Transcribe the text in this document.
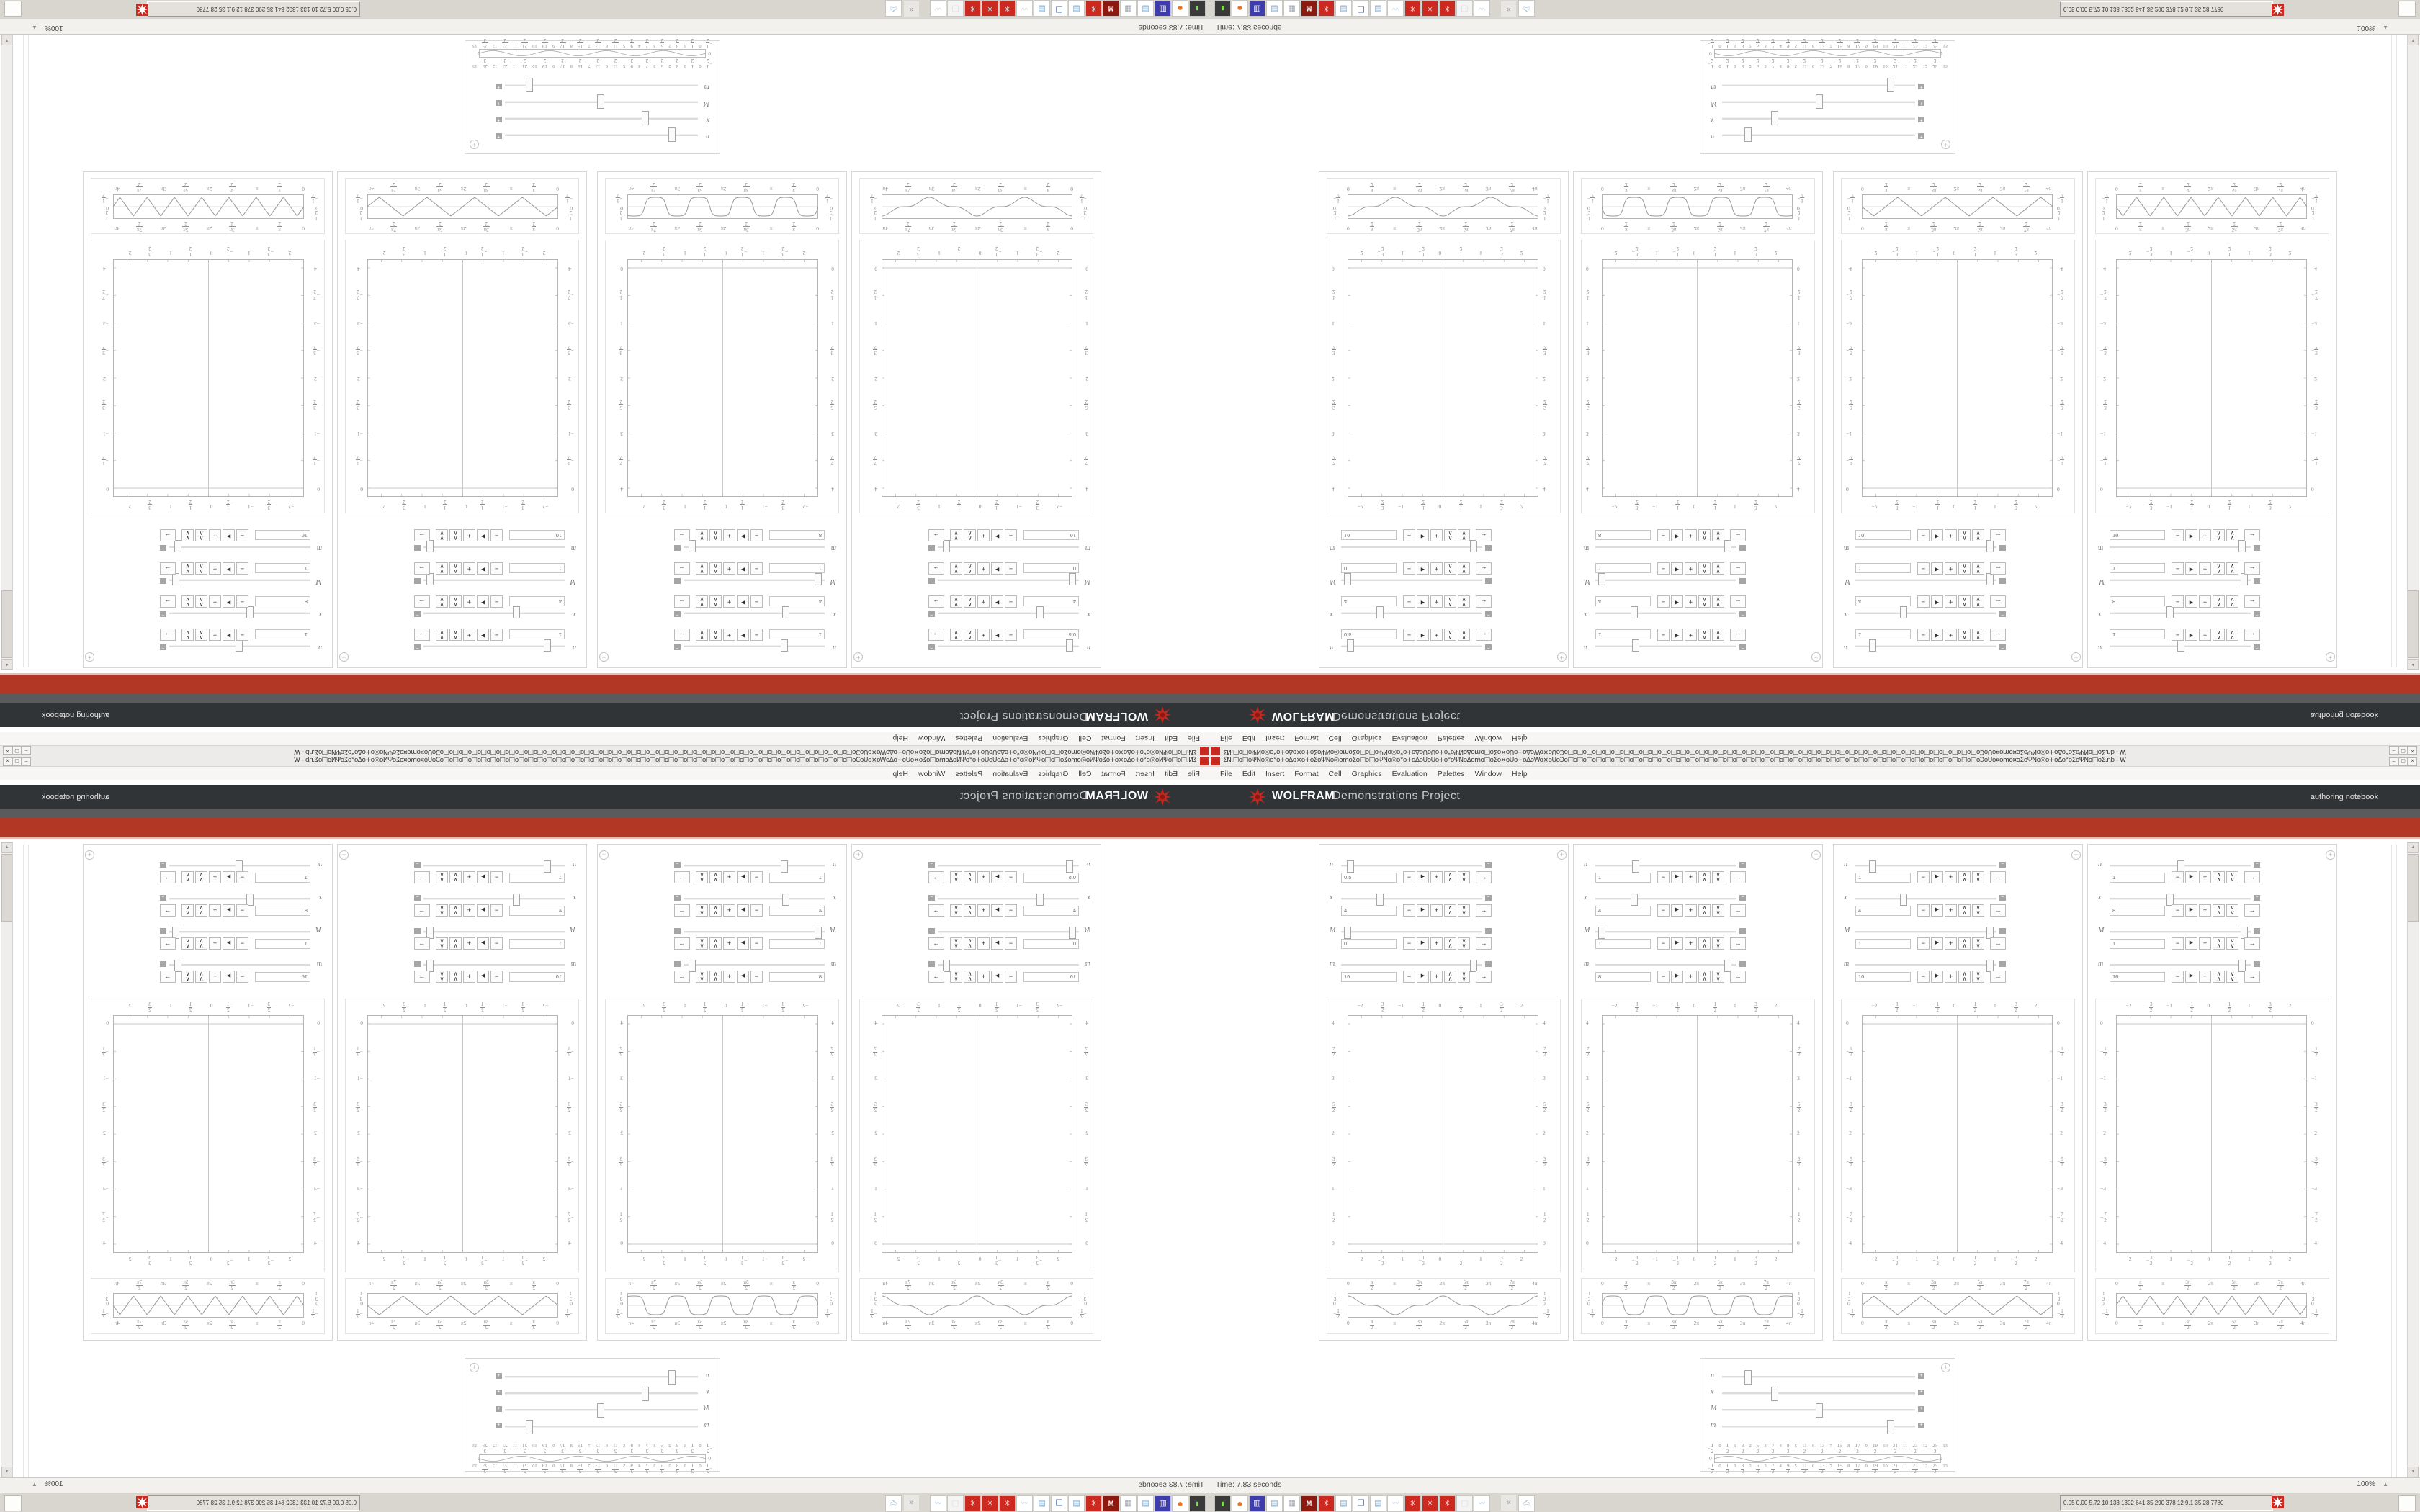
ΣN.□o□oΨNo◎o°o+oΔo×o+oΣoΨNo◎omoΣo□o□oΨNo◎o°o+oΔoUoUo+o°oΨNoΔomo□oΣo×oUo+oΔoWo×oUoϽo□o□o□o□o□o□o□o□o□o□o□o□o□o□o□o□o□o□o□o□o□o□o□o□o□o□o□o□o□o□o□o□o□o□o□o□o□o□o□o□o□o□o□o□oϽoUo¤omo¤oΣoΨNo◎o+oΔo°oΣoΨNo□oΣ.nb - W
–
▢
✕
FileEditInsertFormatCellGraphicsEvaluationPalettesWindowHelp
WOLFRAM
Demonstrations Project
authoring notebook
+
n
−
0.5
−
▶
+
∧
∧
∨
∨
→
x
−
4
−
▶
+
∧
∧
∨
∨
→
M
−
0
−
▶
+
∧
∧
∨
∨
→
m
−
16
−
▶
+
∧
∧
∨
∨
→
−2
−2
−
3
2
−
3
2
−1
−1
−
1
2
−
1
2
0
0
1
2
1
2
1
1
3
2
3
2
2
2
4
4
7
2
7
2
3
3
5
2
5
2
2
2
3
2
3
2
1
1
1
2
1
2
0
0
0
0
π
2
π
2
π
π
3π
2
3π
2
2π
2π
5π
2
5π
2
3π
3π
7π
2
7π
2
4π
4π
1
2
1
2
0
0
−
1
2
−
1
2
+
n
−
1
−
▶
+
∧
∧
∨
∨
→
x
−
4
−
▶
+
∧
∧
∨
∨
→
M
−
1
−
▶
+
∧
∧
∨
∨
→
m
−
8
−
▶
+
∧
∧
∨
∨
→
−2
−2
−
3
2
−
3
2
−1
−1
−
1
2
−
1
2
0
0
1
2
1
2
1
1
3
2
3
2
2
2
4
4
7
2
7
2
3
3
5
2
5
2
2
2
3
2
3
2
1
1
1
2
1
2
0
0
0
0
π
2
π
2
π
π
3π
2
3π
2
2π
2π
5π
2
5π
2
3π
3π
7π
2
7π
2
4π
4π
1
2
1
2
0
0
−
1
2
−
1
2
+
n
−
1
−
▶
+
∧
∧
∨
∨
→
x
−
4
−
▶
+
∧
∧
∨
∨
→
M
−
1
−
▶
+
∧
∧
∨
∨
→
m
−
10
−
▶
+
∧
∧
∨
∨
→
−2
−2
−
3
2
−
3
2
−1
−1
−
1
2
−
1
2
0
0
1
2
1
2
1
1
3
2
3
2
2
2
0
0
−
1
2
−
1
2
−1
−1
−
3
2
−
3
2
−2
−2
−
5
2
−
5
2
−3
−3
−
7
2
−
7
2
−4
−4
0
0
π
2
π
2
π
π
3π
2
3π
2
2π
2π
5π
2
5π
2
3π
3π
7π
2
7π
2
4π
4π
1
2
1
2
0
0
−
1
2
−
1
2
+
n
−
1
−
▶
+
∧
∧
∨
∨
→
x
−
8
−
▶
+
∧
∧
∨
∨
→
M
−
1
−
▶
+
∧
∧
∨
∨
→
m
−
16
−
▶
+
∧
∧
∨
∨
→
−2
−2
−
3
2
−
3
2
−1
−1
−
1
2
−
1
2
0
0
1
2
1
2
1
1
3
2
3
2
2
2
0
0
−
1
2
−
1
2
−1
−1
−
3
2
−
3
2
−2
−2
−
5
2
−
5
2
−3
−3
−
7
2
−
7
2
−4
−4
0
0
π
2
π
2
π
π
3π
2
3π
2
2π
2π
5π
2
5π
2
3π
3π
7π
2
7π
2
4π
4π
1
2
1
2
0
0
−
1
2
−
1
2
+
n
+
x
+
M
+
m
+
−
1
2
0
1
2
1
3
2
2
5
2
3
7
2
4
9
2
5
11
2
6
13
2
7
15
2
8
17
2
9
19
2
10
21
2
11
23
2
12
25
2
13
−
1
2
0
1
2
1
3
2
2
5
2
3
7
2
4
9
2
5
11
2
6
13
2
7
15
2
8
17
2
9
19
2
10
21
2
11
23
2
12
25
2
13
0
0
▲
▼
Time: 7.83 seconds
100%
▲
▮
●
▥
▤
▦
M
✳
▤
❐
▤
〰
✳
✳
✳
▢
〰
«
⎙
0.05 0.00 5.72 10 133 1302 641 35 290 378 12 9.1 35 28 7780
ΣN.□o□oΨNo◎o°o+oΔo×o+oΣoΨNo◎omoΣo□o□oΨNo◎o°o+oΔoUoUo+o°oΨNoΔomo□oΣo×oUo+oΔoWo×oUoϽo□o□o□o□o□o□o□o□o□o□o□o□o□o□o□o□o□o□o□o□o□o□o□o□o□o□o□o□o□o□o□o□o□o□o□o□o□o□o□o□o□o□o□o□oϽoUo¤omo¤oΣoΨNo◎o+oΔo°oΣoΨNo□oΣ.nb - W	–	▢ ✕
File Edit Insert Format Cell Graphics Evaluation Palettes Window Help
WOLFRAM
Demonstrations Project	authoring notebook
+
n	−
0.5	−	▶	+	∧
∧
∨
∨	→
x	−
4	−	▶	+	∧
∧
∨
∨	→
M	−
0	−	▶	+	∧
∧
∨
∨	→
m	−
16	−	▶	+	∧
∧
∨
∨	→
−2
−2
− 3
2
− 3
2
−1
−1
− 1
2
− 1
2
0
0
1
2
1
2
1
1
3
2
3
2
2
2
4	4
7
2
7
2
3	3
5
2
5
2
2	2
3
2
3
2
1	1
1
2
1
2
0	0
0
0
π
2
π
2
π
π
3π
2
3π
2
2π
2π
5π
2
5π
2
3π
3π
7π
2
7π
2
4π
4π
1
2
1
2
0	0
− 1
2	− 1
2
+
n	−
1	−	▶	+	∧
∧
∨
∨	→
x	−
4	−	▶	+	∧
∧
∨
∨	→
M	−
1	−	▶	+	∧
∧
∨
∨	→
m	−
8	−	▶	+	∧
∧
∨
∨	→
−2
−2
− 3
2
− 3
2
−1
−1
− 1
2
− 1
2
0
0
1
2
1
2
1
1
3
2
3
2
2
2
4	4
7
2
7
2
3	3
5
2
5
2
2	2
3
2
3
2
1	1
1
2
1
2
0	0
0
0
π
2
π
2
π
π
3π
2
3π
2
2π
2π
5π
2
5π
2
3π
3π
7π
2
7π
2
4π
4π
1
2
1
2
0	0
− 1
2	− 1
2
+
n	−
1	−	▶	+	∧
∧
∨
∨	→
x	−
4	−	▶	+	∧
∧
∨
∨	→
M	−
1	−	▶	+	∧
∧
∨
∨	→
m	−
10	−	▶	+	∧
∧
∨
∨	→
−2
−2
− 3
2
− 3
2
−1
−1
− 1
2
− 1
2
0
0
1
2
1
2
1
1
3
2
3
2
2
2
0	0
− 1
2	− 1
2
−1	−1
− 3
2	− 3
2
−2	−2
− 5
2	− 5
2
−3	−3
− 7
2	− 7
2
−4	−4
0
0
π
2
π
2
π
π
3π
2
3π
2
2π
2π
5π
2
5π
2
3π
3π
7π
2
7π
2
4π
4π
1
2
1
2
0	0
− 1
2	− 1
2
+
n	−
1	−	▶	+	∧
∧
∨
∨	→
x	−
8	−	▶	+	∧
∧
∨
∨	→
M	−
1	−	▶	+	∧
∧
∨
∨	→
m	−
16	−	▶	+	∧
∧
∨
∨	→
−2
−2
− 3
2
− 3
2
−1
−1
− 1
2
− 1
2
0
0
1
2
1
2
1
1
3
2
3
2
2
2
0	0
− 1
2	− 1
2
−1	−1
− 3
2	− 3
2
−2	−2
− 5
2	− 5
2
−3	−3
− 7
2	− 7
2
−4	−4
0
0
π
2
π
2
π
π
3π
2
3π
2
2π
2π
5π
2
5π
2
3π
3π
7π
2
7π
2
4π
4π
1
2
1
2
0	0
− 1
2	− 1
2
+
n	+
x	+
M	+
m	+
−
1
2
0 1
2
1 3
2
2 5
2
3 7
2
4 9
2
5 11
2
6 13
2
7 15
2
8 17
2
9 19
2
10 21
2
11 23
2
12 25
2
13
−
1
2
0 1
2
1 3
2
2 5
2
3 7
2
4 9
2
5 11
2
6 13
2
7 15
2
8 17
2
9 19
2
10 21
2
11 23
2
12 25
2
13
0	0
▲
▼
Time: 7.83 seconds	100% ▲
▮	●	▥	▤	▦	M	✳	▤	❐	▤	〰	✳	✳	✳	▢	〰	«	⎙	0.05 0.00 5.72 10 133 1302 641 35 290 378 12 9.1 35 28 7780
ΣN.□o□oΨNo◎o°o+oΔo×o+oΣoΨNo◎omoΣo□o□oΨNo◎o°o+oΔoUoUo+o°oΨNoΔomo□oΣo×oUo+oΔoWo×oUoϽo□o□o□o□o□o□o□o□o□o□o□o□o□o□o□o□o□o□o□o□o□o□o□o□o□o□o□o□o□o□o□o□o□o□o□o□o□o□o□o□o□o□o□o□oϽoUo¤omo¤oΣoΨNo◎o+oΔo°oΣoΨNo□oΣ.nb - W
–
▢
✕
FileEditInsertFormatCellGraphicsEvaluationPalettesWindowHelp
WOLFRAM
Demonstrations Project
authoring notebook
+
n
−
0.5
−
▶
+
∧
∧
∨
∨
→
x
−
4
−
▶
+
∧
∧
∨
∨
→
M
−
0
−
▶
+
∧
∧
∨
∨
→
m
−
16
−
▶
+
∧
∧
∨
∨
→
−2
−2
−
$\frac{3}{2}$
−
$\frac{3}{2}$
−1
−1
−
$\frac{1}{2}$
−
$\frac{1}{2}$
0
0
$\frac{1}{2}$
$\frac{1}{2}$
1
1
$\frac{3}{2}$
$\frac{3}{2}$
2
2
4
4
$\frac{7}{2}$
$\frac{7}{2}$
3
3
$\frac{5}{2}$
$\frac{5}{2}$
2
2
$\frac{3}{2}$
$\frac{3}{2}$
1
1
$\frac{1}{2}$
$\frac{1}{2}$
0
0
0
0
$\frac{\pi}{2}$
$\frac{\pi}{2}$
π
π
$\frac{3\pi}{2}$
$\frac{3\pi}{2}$
2π
2π
$\frac{5\pi}{2}$
$\frac{5\pi}{2}$
3π
3π
$\frac{7\pi}{2}$
$\frac{7\pi}{2}$
4π
4π
$\frac{1}{2}$
$\frac{1}{2}$
0
0
−
$\frac{1}{2}$
−
$\frac{1}{2}$
+
n
−
1
−
▶
+
∧
∧
∨
∨
→
x
−
4
−
▶
+
∧
∧
∨
∨
→
M
−
1
−
▶
+
∧
∧
∨
∨
→
m
−
8
−
▶
+
∧
∧
∨
∨
→
−2
−2
−
$\frac{3}{2}$
−
$\frac{3}{2}$
−1
−1
−
$\frac{1}{2}$
−
$\frac{1}{2}$
0
0
$\frac{1}{2}$
$\frac{1}{2}$
1
1
$\frac{3}{2}$
$\frac{3}{2}$
2
2
4
4
$\frac{7}{2}$
$\frac{7}{2}$
3
3
$\frac{5}{2}$
$\frac{5}{2}$
2
2
$\frac{3}{2}$
$\frac{3}{2}$
1
1
$\frac{1}{2}$
$\frac{1}{2}$
0
0
0
0
$\frac{\pi}{2}$
$\frac{\pi}{2}$
π
π
$\frac{3\pi}{2}$
$\frac{3\pi}{2}$
2π
2π
$\frac{5\pi}{2}$
$\frac{5\pi}{2}$
3π
3π
$\frac{7\pi}{2}$
$\frac{7\pi}{2}$
4π
4π
$\frac{1}{2}$
$\frac{1}{2}$
0
0
−
$\frac{1}{2}$
−
$\frac{1}{2}$
+
n
−
1
−
▶
+
∧
∧
∨
∨
→
x
−
4
−
▶
+
∧
∧
∨
∨
→
M
−
1
−
▶
+
∧
∧
∨
∨
→
m
−
10
−
▶
+
∧
∧
∨
∨
→
−2
−2
−
$\frac{3}{2}$
−
$\frac{3}{2}$
−1
−1
−
$\frac{1}{2}$
−
$\frac{1}{2}$
0
0
$\frac{1}{2}$
$\frac{1}{2}$
1
1
$\frac{3}{2}$
$\frac{3}{2}$
2
2
0
0
−
$\frac{1}{2}$
−
$\frac{1}{2}$
−1
−1
−
$\frac{3}{2}$
−
$\frac{3}{2}$
−2
−2
−
$\frac{5}{2}$
−
$\frac{5}{2}$
−3
−3
−
$\frac{7}{2}$
−
$\frac{7}{2}$
−4
−4
0
0
$\frac{\pi}{2}$
$\frac{\pi}{2}$
π
π
$\frac{3\pi}{2}$
$\frac{3\pi}{2}$
2π
2π
$\frac{5\pi}{2}$
$\frac{5\pi}{2}$
3π
3π
$\frac{7\pi}{2}$
$\frac{7\pi}{2}$
4π
4π
$\frac{1}{2}$
$\frac{1}{2}$
0
0
−
$\frac{1}{2}$
−
$\frac{1}{2}$
+
n
−
1
−
▶
+
∧
∧
∨
∨
→
x
−
8
−
▶
+
∧
∧
∨
∨
→
M
−
1
−
▶
+
∧
∧
∨
∨
→
m
−
16
−
▶
+
∧
∧
∨
∨
→
−2
−2
−
$\frac{3}{2}$
−
$\frac{3}{2}$
−1
−1
−
$\frac{1}{2}$
−
$\frac{1}{2}$
0
0
$\frac{1}{2}$
$\frac{1}{2}$
1
1
$\frac{3}{2}$
$\frac{3}{2}$
2
2
0
0
−
$\frac{1}{2}$
−
$\frac{1}{2}$
−1
−1
−
$\frac{3}{2}$
−
$\frac{3}{2}$
−2
−2
−
$\frac{5}{2}$
−
$\frac{5}{2}$
−3
−3
−
$\frac{7}{2}$
−
$\frac{7}{2}$
−4
−4
0
0
$\frac{\pi}{2}$
$\frac{\pi}{2}$
π
π
$\frac{3\pi}{2}$
$\frac{3\pi}{2}$
2π
2π
$\frac{5\pi}{2}$
$\frac{5\pi}{2}$
3π
3π
$\frac{7\pi}{2}$
$\frac{7\pi}{2}$
4π
4π
$\frac{1}{2}$
$\frac{1}{2}$
0
0
−
$\frac{1}{2}$
−
$\frac{1}{2}$
+
n
+
x
+
M
+
m
+
−
$\frac{1}{2}$
0
$\frac{1}{2}$
1
$\frac{3}{2}$
2
$\frac{5}{2}$
3
$\frac{7}{2}$
4
$\frac{9}{2}$
5
$\frac{11}{2}$
6
$\frac{13}{2}$
7
$\frac{15}{2}$
8
$\frac{17}{2}$
9
$\frac{19}{2}$
10
$\frac{21}{2}$
11
$\frac{23}{2}$
12
$\frac{25}{2}$
13
−
$\frac{1}{2}$
0
$\frac{1}{2}$
1
$\frac{3}{2}$
2
$\frac{5}{2}$
3
$\frac{7}{2}$
4
$\frac{9}{2}$
5
$\frac{11}{2}$
6
$\frac{13}{2}$
7
$\frac{15}{2}$
8
$\frac{17}{2}$
9
$\frac{19}{2}$
10
$\frac{21}{2}$
11
$\frac{23}{2}$
12
$\frac{25}{2}$
13
0
0
▲
▼
Time: 7.83 seconds
100%
▲
▮
●
▥
▤
▦
M
✳
▤
❐
▤
〰
✳
✳
✳
▢
〰
«
⎙
0.05 0.00 5.72 10 133 1302 641 35 290 378 12 9.1 35 28 7780
ΣN.□o□oΨNo◎o°o+oΔo×o+oΣoΨNo◎omoΣo□o□oΨNo◎o°o+oΔoUoUo+o°oΨNoΔomo□oΣo×oUo+oΔoWo×oUoϽo□o□o□o□o□o□o□o□o□o□o□o□o□o□o□o□o□o□o□o□o□o□o□o□o□o□o□o□o□o□o□o□o□o□o□o□o□o□o□o□o□o□o□o□oϽoUo¤omo¤oΣoΨNo◎o+oΔo°oΣoΨNo□oΣ.nb - W	–	▢ ✕
File Edit Insert Format Cell Graphics Evaluation Palettes Window Help
WOLFRAM
Demonstrations Project	authoring notebook
+
n	−
0.5	−	▶	+	∧
∧
∨
∨	→
x	−
4	−	▶	+	∧
∧
∨
∨	→
M	−
0	−	▶	+	∧
∧
∨
∨	→
m	−
16	−	▶	+	∧
∧
∨
∨	→
−2
−2
− $\frac{3}{2}$
− $\frac{3}{2}$
−1
−1
− $\frac{1}{2}$
− $\frac{1}{2}$
0
0
$\frac{1}{2}$
$\frac{1}{2}$
1
1
$\frac{3}{2}$
$\frac{3}{2}$
2
2
4	4
$\frac{7}{2}$	$\frac{7}{2}$
3	3
$\frac{5}{2}$	$\frac{5}{2}$
2	2
$\frac{3}{2}$	$\frac{3}{2}$
1	1
$\frac{1}{2}$	$\frac{1}{2}$
0	0
0
0
$\frac{\pi}{2}$
$\frac{\pi}{2}$
π
π
$\frac{3\pi}{2}$
$\frac{3\pi}{2}$
2π
2π
$\frac{5\pi}{2}$
$\frac{5\pi}{2}$
3π
3π
$\frac{7\pi}{2}$
$\frac{7\pi}{2}$
4π
4π
$\frac{1}{2}$	$\frac{1}{2}$
0	0
− $\frac{1}{2}$	− $\frac{1}{2}$
+
n	−
1	−	▶	+	∧
∧
∨
∨	→
x	−
4	−	▶	+	∧
∧
∨
∨	→
M	−
1	−	▶	+	∧
∧
∨
∨	→
m	−
8	−	▶	+	∧
∧
∨
∨	→
−2
−2
− $\frac{3}{2}$
− $\frac{3}{2}$
−1
−1
− $\frac{1}{2}$
− $\frac{1}{2}$
0
0
$\frac{1}{2}$
$\frac{1}{2}$
1
1
$\frac{3}{2}$
$\frac{3}{2}$
2
2
4	4
$\frac{7}{2}$	$\frac{7}{2}$
3	3
$\frac{5}{2}$	$\frac{5}{2}$
2	2
$\frac{3}{2}$	$\frac{3}{2}$
1	1
$\frac{1}{2}$	$\frac{1}{2}$
0	0
0
0
$\frac{\pi}{2}$
$\frac{\pi}{2}$
π
π
$\frac{3\pi}{2}$
$\frac{3\pi}{2}$
2π
2π
$\frac{5\pi}{2}$
$\frac{5\pi}{2}$
3π
3π
$\frac{7\pi}{2}$
$\frac{7\pi}{2}$
4π
4π
$\frac{1}{2}$	$\frac{1}{2}$
0	0
− $\frac{1}{2}$	− $\frac{1}{2}$
+
n	−
1	−	▶	+	∧
∧
∨
∨	→
x	−
4	−	▶	+	∧
∧
∨
∨	→
M	−
1	−	▶	+	∧
∧
∨
∨	→
m	−
10	−	▶	+	∧
∧
∨
∨	→
−2
−2
− $\frac{3}{2}$
− $\frac{3}{2}$
−1
−1
− $\frac{1}{2}$
− $\frac{1}{2}$
0
0
$\frac{1}{2}$
$\frac{1}{2}$
1
1
$\frac{3}{2}$
$\frac{3}{2}$
2
2
0	0
− $\frac{1}{2}$	− $\frac{1}{2}$
−1	−1
− $\frac{3}{2}$	− $\frac{3}{2}$
−2	−2
− $\frac{5}{2}$	− $\frac{5}{2}$
−3	−3
− $\frac{7}{2}$	− $\frac{7}{2}$
−4	−4
0
0
$\frac{\pi}{2}$
$\frac{\pi}{2}$
π
π
$\frac{3\pi}{2}$
$\frac{3\pi}{2}$
2π
2π
$\frac{5\pi}{2}$
$\frac{5\pi}{2}$
3π
3π
$\frac{7\pi}{2}$
$\frac{7\pi}{2}$
4π
4π
$\frac{1}{2}$	$\frac{1}{2}$
0	0
− $\frac{1}{2}$	− $\frac{1}{2}$
+
n	−
1	−	▶	+	∧
∧
∨
∨	→
x	−
8	−	▶	+	∧
∧
∨
∨	→
M	−
1	−	▶	+	∧
∧
∨
∨	→
m	−
16	−	▶	+	∧
∧
∨
∨	→
−2
−2
− $\frac{3}{2}$
− $\frac{3}{2}$
−1
−1
− $\frac{1}{2}$
− $\frac{1}{2}$
0
0
$\frac{1}{2}$
$\frac{1}{2}$
1
1
$\frac{3}{2}$
$\frac{3}{2}$
2
2
0	0
− $\frac{1}{2}$	− $\frac{1}{2}$
−1	−1
− $\frac{3}{2}$	− $\frac{3}{2}$
−2	−2
− $\frac{5}{2}$	− $\frac{5}{2}$
−3	−3
− $\frac{7}{2}$	− $\frac{7}{2}$
−4	−4
0
0
$\frac{\pi}{2}$
$\frac{\pi}{2}$
π
π
$\frac{3\pi}{2}$
$\frac{3\pi}{2}$
2π
2π
$\frac{5\pi}{2}$
$\frac{5\pi}{2}$
3π
3π
$\frac{7\pi}{2}$
$\frac{7\pi}{2}$
4π
4π
$\frac{1}{2}$	$\frac{1}{2}$
0	0
− $\frac{1}{2}$	− $\frac{1}{2}$
+
n	+
x	+
M	+
m	+
− $\frac{1}{2} 0 \frac{1}{2} 1 \frac{3}{2} 2 \frac{5}{2} 3 \frac{7}{2} 4 \frac{9}{2} 5 \frac{11}{2} 6 \frac{13}{2} 7 \frac{15}{2} 8 \frac{17}{2} 9 \frac{19}{2} 10 \frac{21}{2} 11 \frac{23}{2} 12 \frac{25}{2} 13$
− $\frac{1}{2} 0 \frac{1}{2} 1 \frac{3}{2} 2 \frac{5}{2} 3 \frac{7}{2} 4 \frac{9}{2} 5 \frac{11}{2} 6 \frac{13}{2} 7 \frac{15}{2} 8 \frac{17}{2} 9 \frac{19}{2} 10 \frac{21}{2} 11 \frac{23}{2} 12 \frac{25}{2} 13$
0	0
▲
▼
Time: 7.83 seconds	100% ▲
▮	●	▥	▤	▦	M	✳	▤	❐	▤	〰	✳	✳	✳	▢	〰	«	⎙	0.05 0.00 5.72 10 133 1302 641 35 290 378 12 9.1 35 28 7780
